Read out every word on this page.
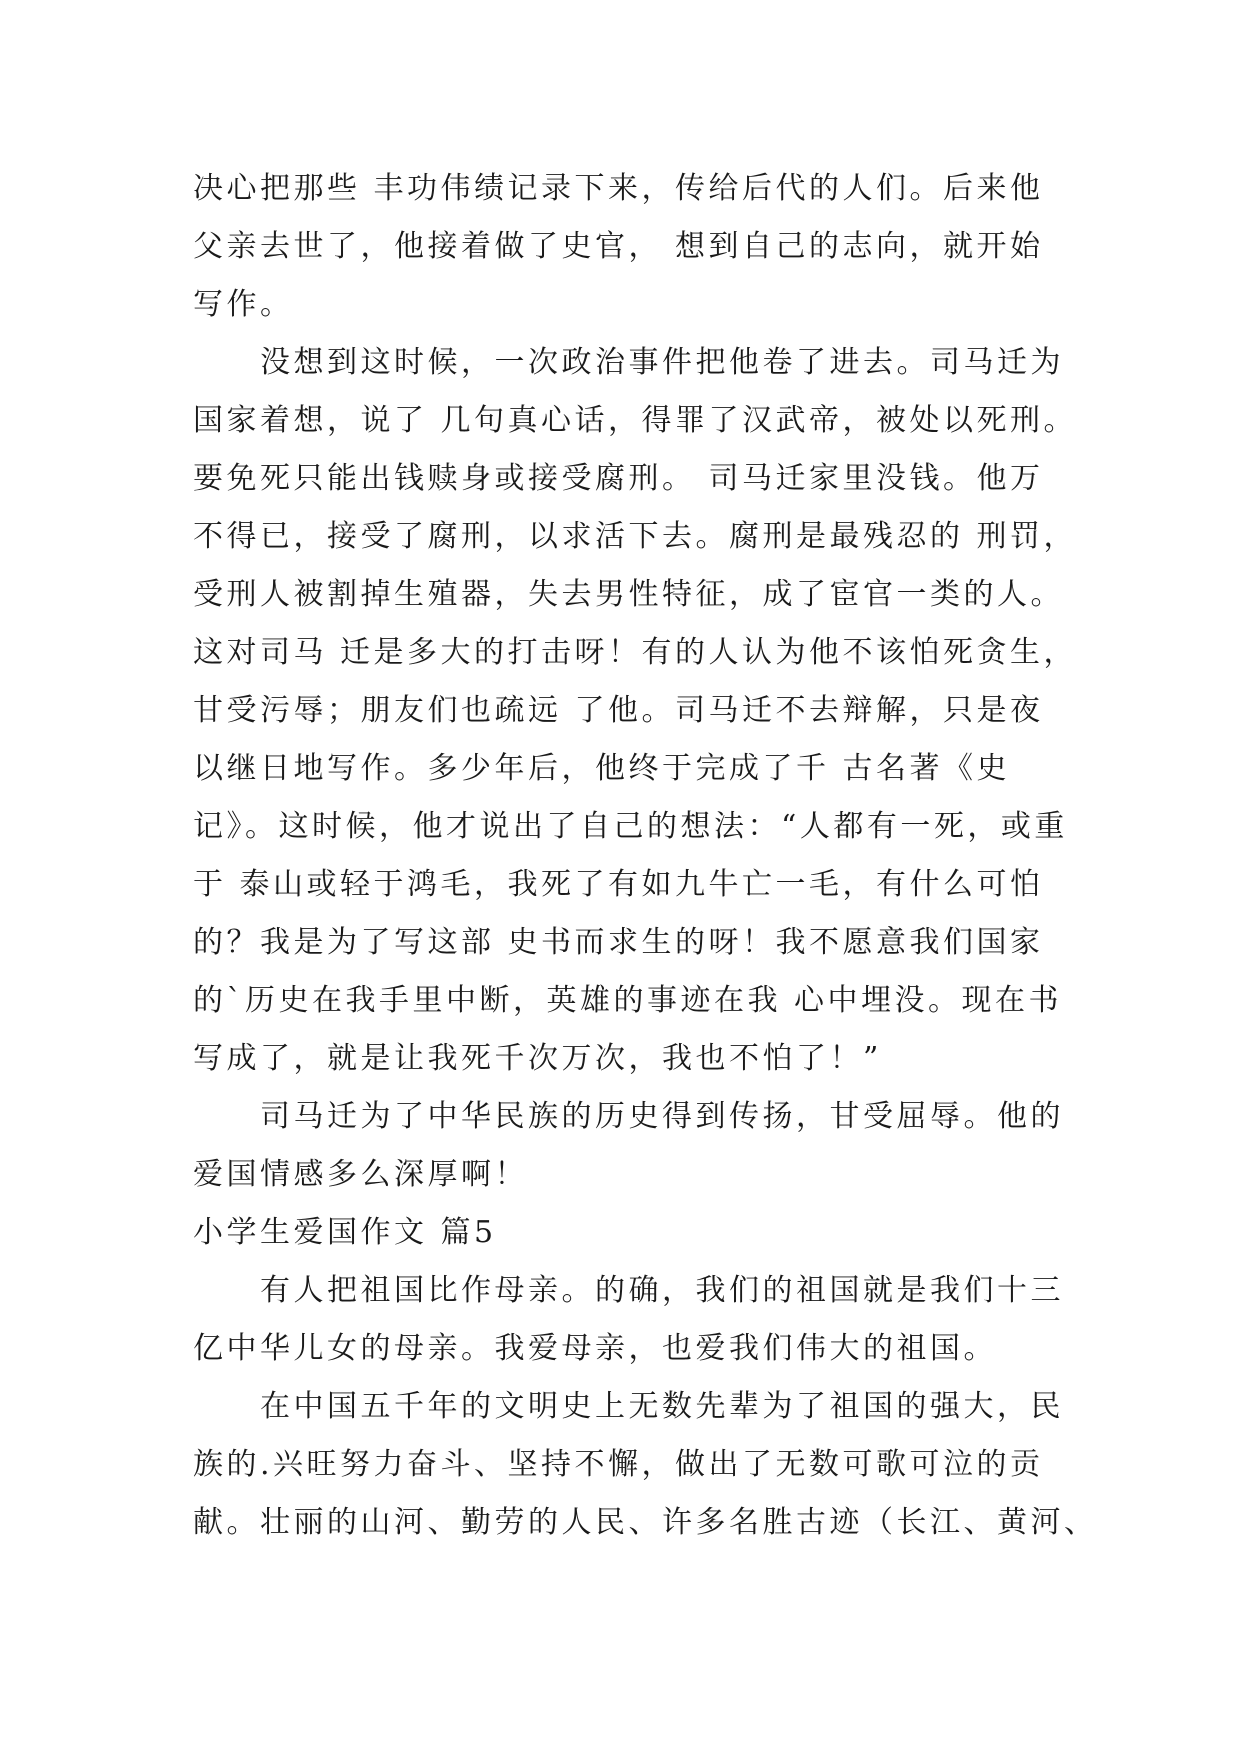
决心把那些 丰功伟绩记录下来，传给后代的人们。后来他
父亲去世了，他接着做了史官， 想到自己的志向，就开始
写作。
　　没想到这时候，一次政治事件把他卷了进去。司马迁为
国家着想，说了 几句真心话，得罪了汉武帝，被处以死刑。
要免死只能出钱赎身或接受腐刑。 司马迁家里没钱。他万
不得已，接受了腐刑，以求活下去。腐刑是最残忍的 刑罚，
受刑人被割掉生殖器，失去男性特征，成了宦官一类的人。
这对司马 迁是多大的打击呀！有的人认为他不该怕死贪生，
甘受污辱；朋友们也疏远 了他。司马迁不去辩解，只是夜
以继日地写作。多少年后，他终于完成了千 古名著《史
记》。这时候，他才说出了自己的想法：“人都有一死，或重
于 泰山或轻于鸿毛，我死了有如九牛亡一毛，有什么可怕
的？我是为了写这部 史书而求生的呀！我不愿意我们国家
的`历史在我手里中断，英雄的事迹在我 心中埋没。现在书
写成了，就是让我死千次万次，我也不怕了！”
　　司马迁为了中华民族的历史得到传扬，甘受屈辱。他的
爱国情感多么深厚啊！
小学生爱国作文 篇5
　　有人把祖国比作母亲。的确，我们的祖国就是我们十三
亿中华儿女的母亲。我爱母亲，也爱我们伟大的祖国。
　　在中国五千年的文明史上无数先辈为了祖国的强大，民
族的.兴旺努力奋斗、坚持不懈，做出了无数可歌可泣的贡
献。壮丽的山河、勤劳的人民、许多名胜古迹（长江、黄河、
